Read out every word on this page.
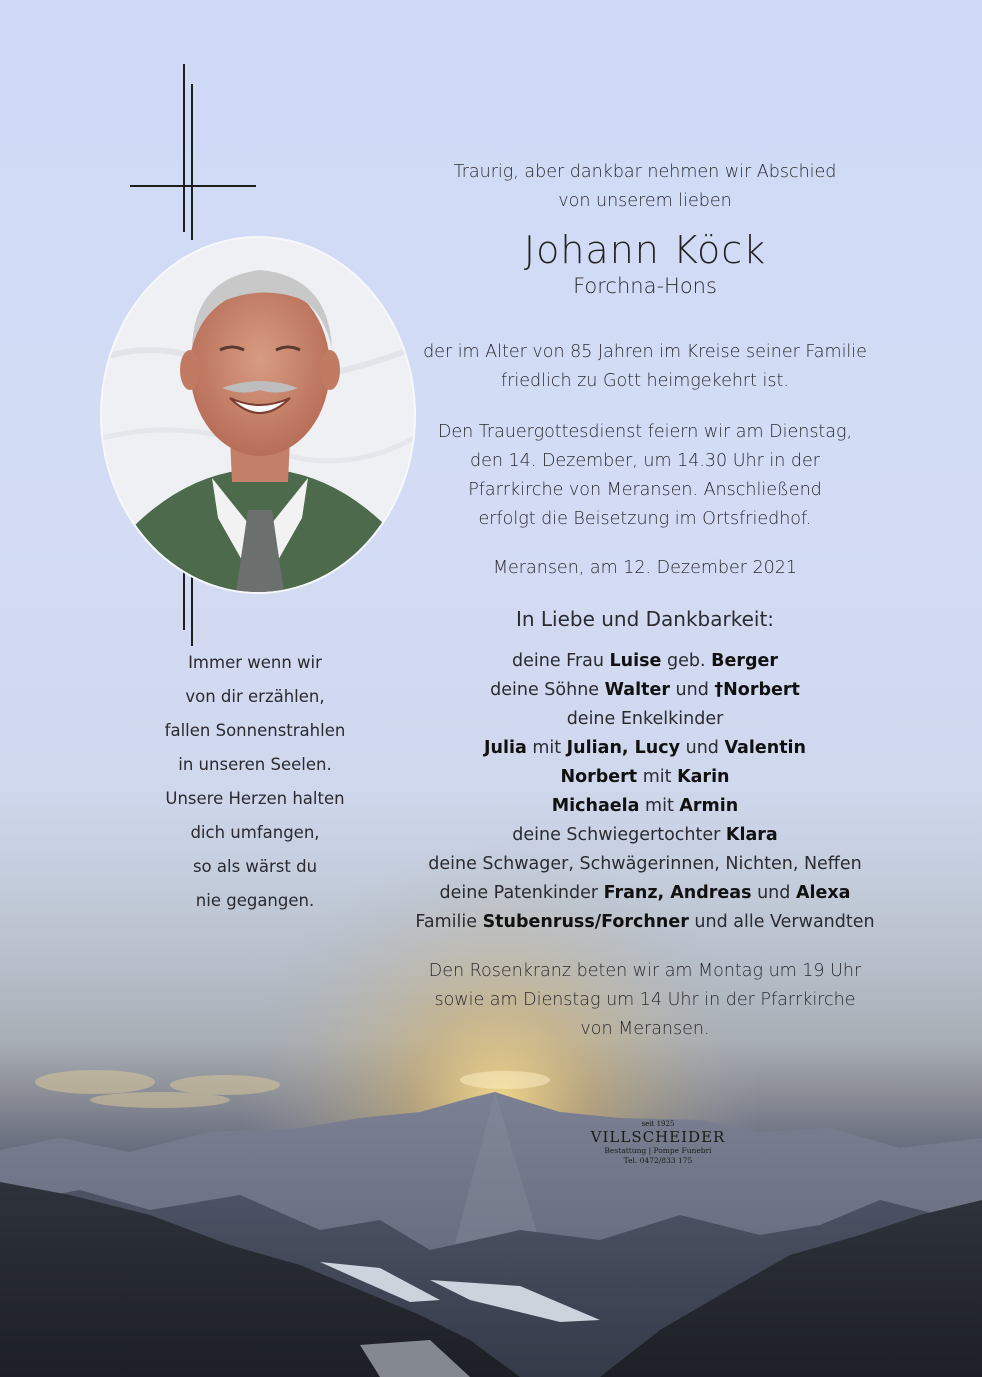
Traurig, aber dankbar nehmen wir Abschied
von unserem lieben
Johann Köck
Forchna-Hons
der im Alter von 85 Jahren im Kreise seiner Familie
friedlich zu Gott heimgekehrt ist.
Den Trauergottesdienst feiern wir am Dienstag,
den 14. Dezember, um 14.30 Uhr in der
Pfarrkirche von Meransen. Anschließend
erfolgt die Beisetzung im Ortsfriedhof.
Meransen, am 12. Dezember 2021
In Liebe und Dankbarkeit:
deine Frau Luise geb. Berger
deine Söhne Walter und †Norbert
deine Enkelkinder
Julia mit Julian, Lucy und Valentin
Norbert mit Karin
Michaela mit Armin
deine Schwiegertochter Klara
deine Schwager, Schwägerinnen, Nichten, Neffen
deine Patenkinder Franz, Andreas und Alexa
Familie Stubenruss/Forchner und alle Verwandten
Den Rosenkranz beten wir am Montag um 19 Uhr
sowie am Dienstag um 14 Uhr in der Pfarrkirche
von Meransen.
Immer wenn wir
von dir erzählen,
fallen Sonnenstrahlen
in unseren Seelen.
Unsere Herzen halten
dich umfangen,
so als wärst du
nie gegangen.
seit 1925
VILLSCHEIDER
Bestattung | Pompe Funebri
Tel. 0472/833 175
